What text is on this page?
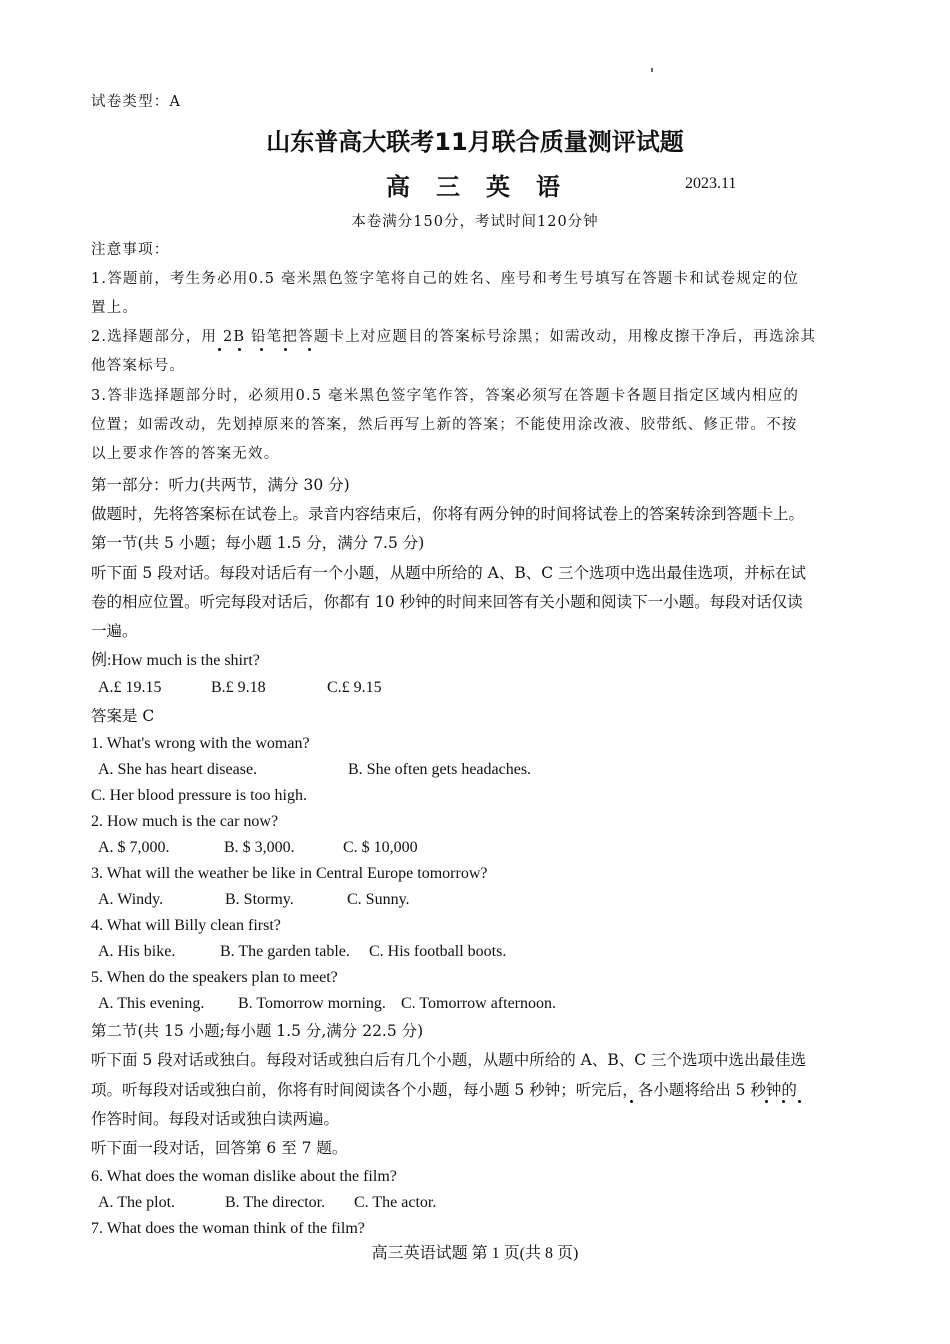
试卷类型：A
山东普高大联考11月联合质量测评试题
高三英语	2023.11
本卷满分150分，考试时间120分钟
注意事项：
1.答题前，考生务必用0.5 毫米黑色签字笔将自己的姓名、座号和考生号填写在答题卡和试卷规定的位
置上。
2.选择题部分，用 2B 铅笔把答题卡上对应题目的答案标号涂黑；如需改动，用橡皮擦干净后，再选涂其
他答案标号。
3.答非选择题部分时，必须用0.5 毫米黑色签字笔作答，答案必须写在答题卡各题目指定区域内相应的
位置；如需改动，先划掉原来的答案，然后再写上新的答案；不能使用涂改液、胶带纸、修正带。不按
以上要求作答的答案无效。
第一部分：听力(共两节，满分 30 分)
做题时，先将答案标在试卷上。录音内容结束后，你将有两分钟的时间将试卷上的答案转涂到答题卡上。
第一节(共 5 小题；每小题 1.5 分，满分 7.5 分)
听下面 5 段对话。每段对话后有一个小题，从题中所给的 A、B、C 三个选项中选出最佳选项，并标在试
卷的相应位置。听完每段对话后，你都有 10 秒钟的时间来回答有关小题和阅读下一小题。每段对话仅读
一遍。
例:How much is the shirt?
A.£ 19.15	B.£ 9.18	C.£ 9.15
答案是 C
1. What's wrong with the woman?
A. She has heart disease.	B. She often gets headaches.
C. Her blood pressure is too high.
2. How much is the car now?
A. $ 7,000.	B. $ 3,000.	C. $ 10,000
3. What will the weather be like in Central Europe tomorrow?
A. Windy.	B. Stormy.	C. Sunny.
4. What will Billy clean first?
A. His bike.	B. The garden table. C. His football boots.
5. When do the speakers plan to meet?
A. This evening. B. Tomorrow morning. C. Tomorrow afternoon.
第二节(共 15 小题;每小题 1.5 分,满分 22.5 分)
听下面 5 段对话或独白。每段对话或独白后有几个小题，从题中所给的 A、B、C 三个选项中选出最佳选
项。听每段对话或独白前，你将有时间阅读各个小题，每小题 5 秒钟；听完后，各小题将给出 5 秒钟的
作答时间。每段对话或独白读两遍。
听下面一段对话，回答第 6 至 7 题。
6. What does the woman dislike about the film?
A. The plot.	B. The director. C. The actor.
7. What does the woman think of the film?
高三英语试题 第 1 页(共 8 页)
